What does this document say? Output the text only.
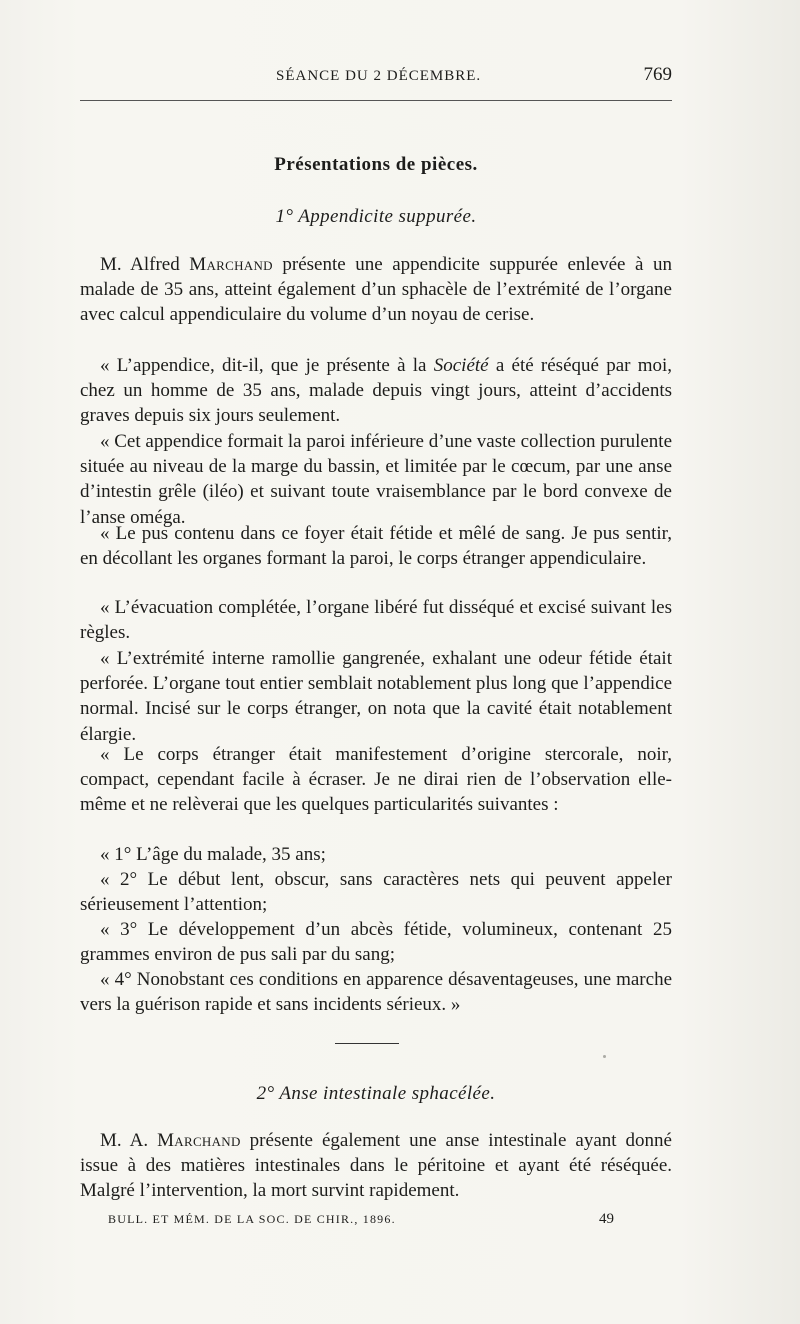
SÉANCE DU 2 DÉCEMBRE.	769
Présentations de pièces.
1° Appendicite suppurée.

M. Alfred Marchand présente une appendicite suppurée enlevée à un malade de 35 ans, atteint également d’un sphacèle de l’extrémité de l’organe avec calcul appendiculaire du volume d’un noyau de cerise.

« L’appendice, dit-il, que je présente à la Société a été réséqué par moi, chez un homme de 35 ans, malade depuis vingt jours, atteint d’accidents graves depuis six jours seulement.

« Cet appendice formait la paroi inférieure d’une vaste collection purulente située au niveau de la marge du bassin, et limitée par le cœcum, par une anse d’intestin grêle (iléo) et suivant toute vraisemblance par le bord convexe de l’anse oméga.

« Le pus contenu dans ce foyer était fétide et mêlé de sang. Je pus sentir, en décollant les organes formant la paroi, le corps étranger appendiculaire.

« L’évacuation complétée, l’organe libéré fut disséqué et excisé suivant les règles.

« L’extrémité interne ramollie gangrenée, exhalant une odeur fétide était perforée. L’organe tout entier semblait notablement plus long que l’appendice normal. Incisé sur le corps étranger, on nota que la cavité était notablement élargie.

« Le corps étranger était manifestement d’origine stercorale, noir, compact, cependant facile à écraser. Je ne dirai rien de l’observation elle-même et ne relèverai que les quelques particularités suivantes :

« 1° L’âge du malade, 35 ans;

« 2° Le début lent, obscur, sans caractères nets qui peuvent appeler sérieusement l’attention;

« 3° Le développement d’un abcès fétide, volumineux, contenant 25 grammes environ de pus sali par du sang;

« 4° Nonobstant ces conditions en apparence désaventageuses, une marche vers la guérison rapide et sans incidents sérieux. »

2° Anse intestinale sphacélée.

M. A. Marchand présente également une anse intestinale ayant donné issue à des matières intestinales dans le péritoine et ayant été réséquée. Malgré l’intervention, la mort survint rapidement.

BULL. ET MÉM. DE LA SOC. DE CHIR., 1896.	49
